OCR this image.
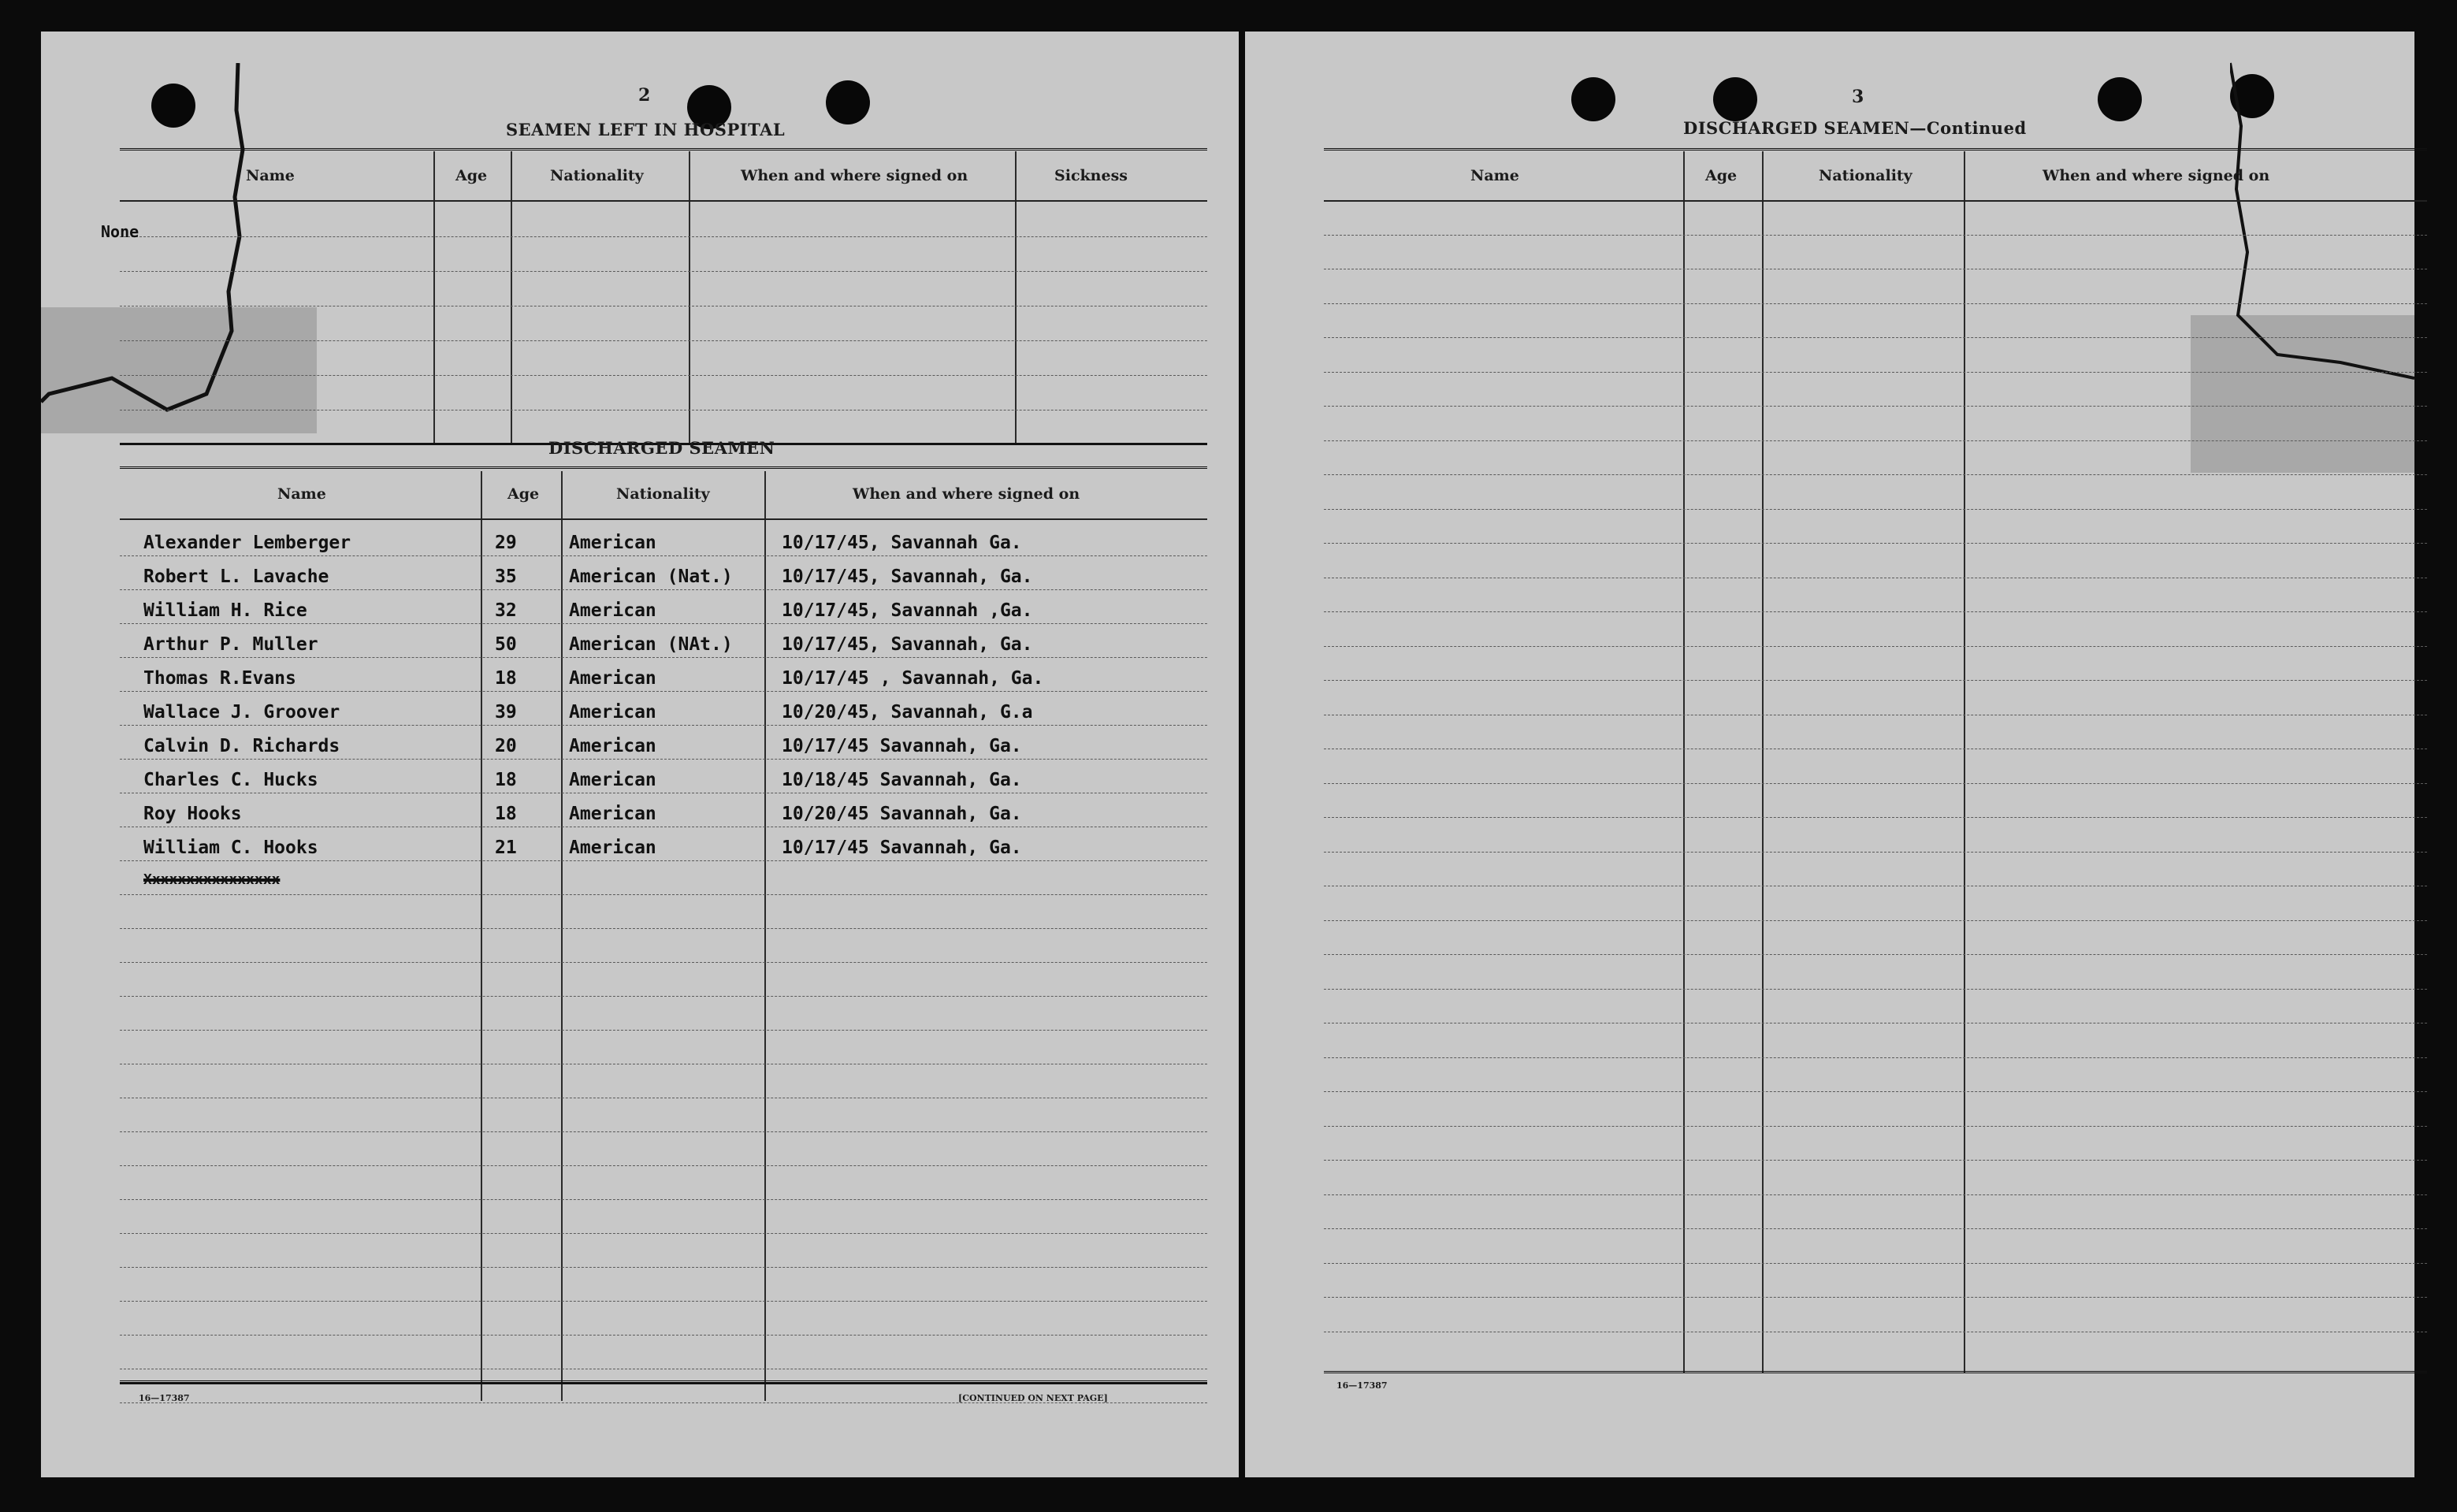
2
SEAMEN LEFT IN HOSPITAL
Name	Age	Nationality	When and where signed on	Sickness
None
DISCHARGED SEAMEN
Name	Age	Nationality	When and where signed on
Alexander Lemberger	29	American	10/17/45, Savannah Ga.
Robert L. Lavache	35	American (Nat.)	10/17/45, Savannah, Ga.
William H. Rice	32	American	10/17/45, Savannah ,Ga.
Arthur P. Muller	50	American (NAt.)	10/17/45, Savannah, Ga.
Thomas R.Evans	18	American	10/17/45 , Savannah, Ga.
Wallace J. Groover	39	American	10/20/45, Savannah, G.a
Calvin D. Richards	20	American	10/17/45 Savannah, Ga.
Charles C. Hucks	18	American	10/18/45 Savannah, Ga.
Roy Hooks	18	American	10/20/45 Savannah, Ga.
William C. Hooks	21	American	10/17/45 Savannah, Ga.
Xxxxxxxxxxxxxxxx
16—17387	[CONTINUED ON NEXT PAGE]
3
DISCHARGED SEAMEN—Continued
Name	Age	Nationality	When and where signed on
16—17387
